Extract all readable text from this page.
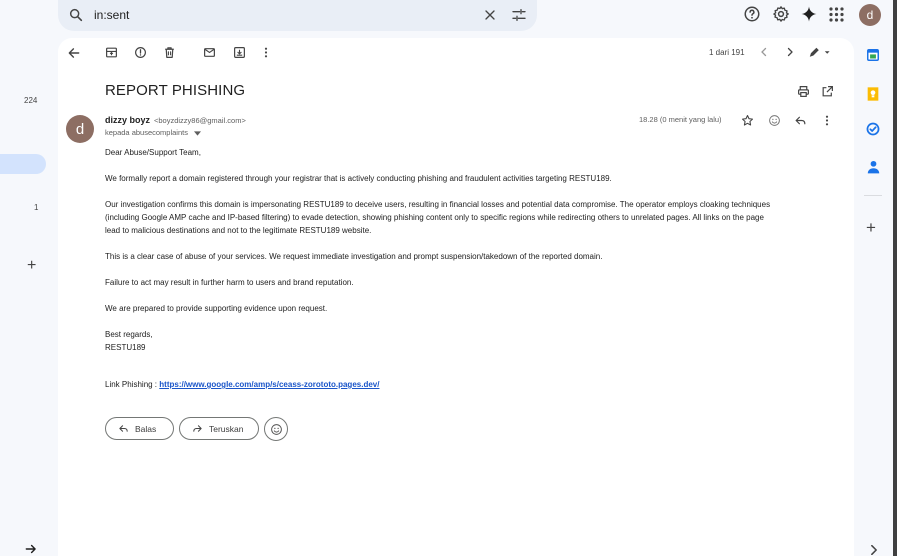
in:sent	d
224
1
+
1 dari 191
REPORT PHISHING
d
dizzy boyz <boyzdizzy86@gmail.com>
kepada abusecomplaints
18.28 (0 menit yang lalu)
Dear Abuse/Support Team,
We formally report a domain registered through your registrar that is actively conducting phishing and fraudulent activities targeting RESTU189.
Our investigation confirms this domain is impersonating RESTU189 to deceive users, resulting in financial losses and potential data compromise. The operator employs cloaking techniques
(including Google AMP cache and IP-based filtering) to evade detection, showing phishing content only to specific regions while redirecting others to unrelated pages. All links on the page
lead to malicious destinations and not to the legitimate RESTU189 website.
This is a clear case of abuse of your services. We request immediate investigation and prompt suspension/takedown of the reported domain.
Failure to act may result in further harm to users and brand reputation.
We are prepared to provide supporting evidence upon request.
Best regards,
RESTU189
Link Phishing : https://www.google.com/amp/s/ceass-zorototo.pages.dev/
Balas	Teruskan
+
